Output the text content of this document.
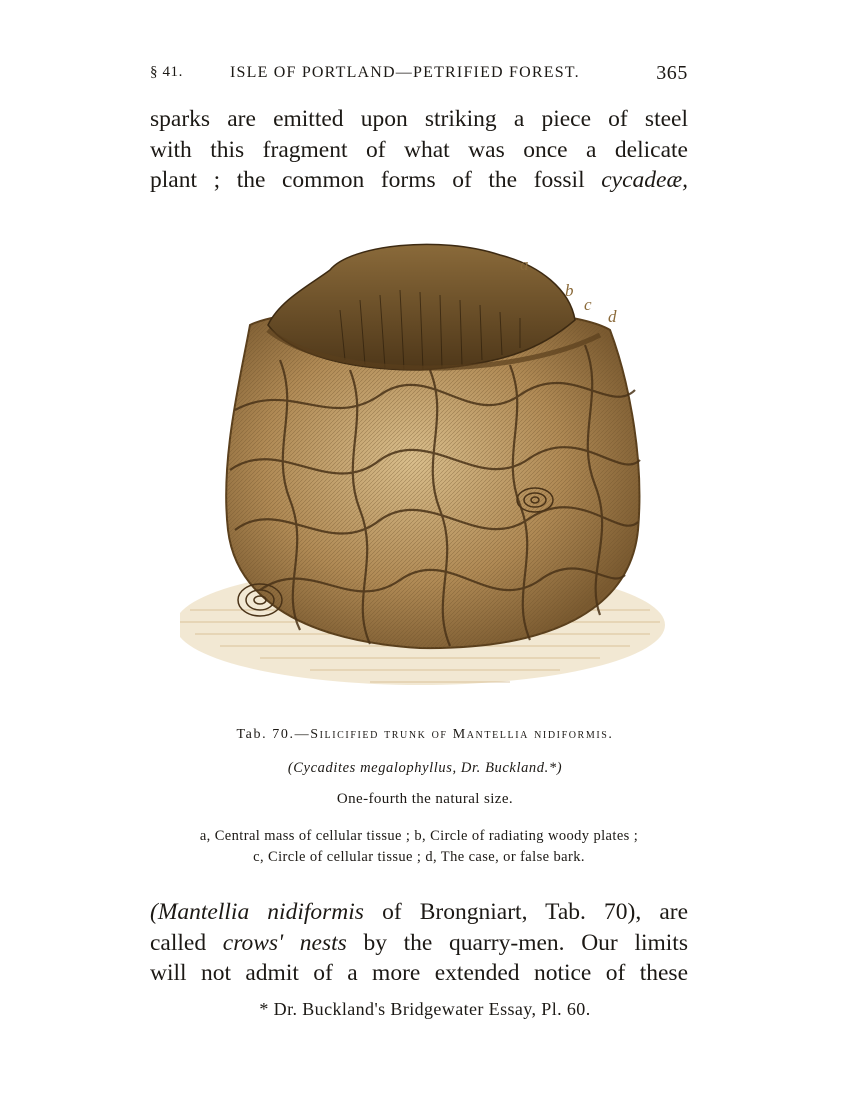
§ 41.	ISLE OF PORTLAND—PETRIFIED FOREST.	365
sparks are emitted upon striking a piece of steel
with this fragment of what was once a delicate
plant ; the common forms of the fossil cycadeæ,
a
b
c
d
Tab. 70.—Silicified trunk of Mantellia nidiformis.
(Cycadites megalophyllus, Dr. Buckland.*)
One-fourth the natural size.
a, Central mass of cellular tissue ; b, Circle of radiating woody plates ;
c, Circle of cellular tissue ; d, The case, or false bark.
(Mantellia nidiformis of Brongniart, Tab. 70), are
called crows' nests by the quarry-men. Our limits
will not admit of a more extended notice of these
* Dr. Buckland's Bridgewater Essay, Pl. 60.
